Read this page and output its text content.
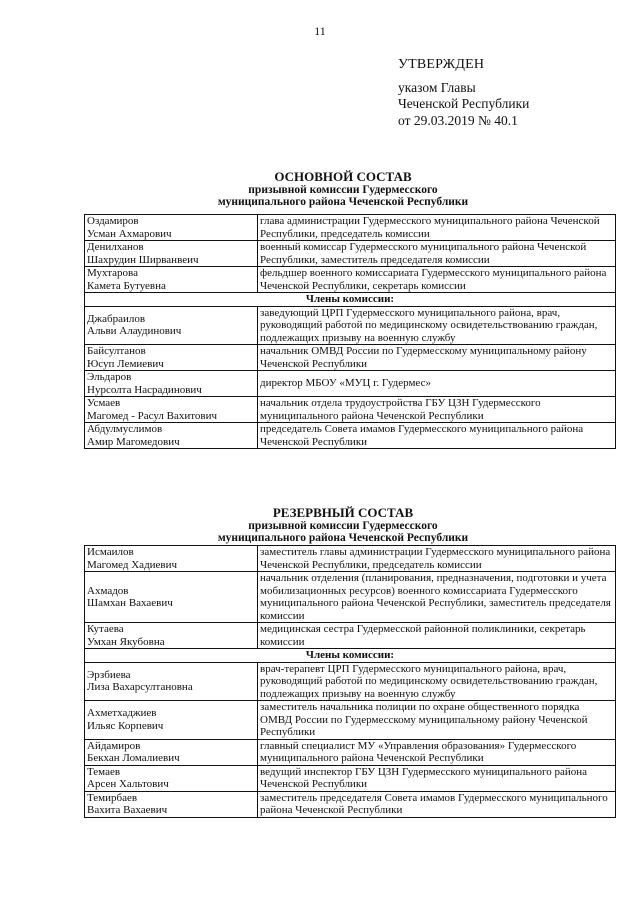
11
УТВЕРЖДЕН
указом Главы
Чеченской Республики
от 29.03.2019 № 40.1
ОСНОВНОЙ СОСТАВ
призывной комиссии Гудермесского
муниципального района Чеченской Республики
Оздамиров
Усман Ахмарович	глава администрации Гудермесского муниципального района Чеченской Республики, председатель комиссии

Денилханов
Шахрудин Ширванвеич	военный комиссар Гудермесского муниципального района Чеченской Республики, заместитель председателя комиссии

Мухтарова
Камета Бутуевна	фельдшер военного комиссариата Гудермесского муниципального района Чеченской Республики, секретарь комиссии
Члены комиссии:	

Джабраилов
Альви Алаудинович	заведующий ЦРП Гудермесского муниципального района, врач, руководящий работой по медицинскому освидетельствованию граждан, подлежащих призыву на военную службу

Байсултанов
Юсуп Лемиевич	начальник ОМВД России по Гудермесскому муниципальному району Чеченской Республики

Эльдаров
Нурсолта Насрадинович	директор МБОУ «МУЦ г. Гудермес»

Усмаев
Магомед - Расул Вахитович	начальник отдела трудоустройства ГБУ ЦЗН Гудермесского муниципального района Чеченской Республики

Абдулмуслимов
Амир Магомедович	председатель Совета имамов Гудермесского муниципального района Чеченской Республики
РЕЗЕРВНЫЙ СОСТАВ
призывной комиссии Гудермесского
муниципального района Чеченской Республики
Исмаилов
Магомед Хадиевич	заместитель главы администрации Гудермесского муниципального района Чеченской Республики, председатель комиссии

Ахмадов
Шамхан Вахаевич	начальник отделения (планирования, предназначения, подготовки и учета мобилизационных ресурсов) военного комиссариата Гудермесского муниципального района Чеченской Республики, заместитель председателя комиссии

Кутаева
Умхан Якубовна	медицинская сестра Гудермесской районной поликлиники, секретарь комиссии
Члены комиссии:	

Эрзбиева
Лиза Вахарсултановна	врач-терапевт ЦРП Гудермесского муниципального района, врач, руководящий работой по медицинскому освидетельствованию граждан, подлежащих призыву на военную службу

Ахметхаджиев
Ильяс Корпевич	заместитель начальника полиции по охране общественного порядка ОМВД России по Гудермесскому муниципальному району Чеченской Республики

Айдамиров
Бекхан Ломалиевич	главный специалист МУ «Управления образования» Гудермесского муниципального района Чеченской Республики

Темаев
Арсен Хальтович	ведущий инспектор ГБУ ЦЗН Гудермесского муниципального района Чеченской Республики

Темирбаев
Вахита Вахаевич	заместитель председателя Совета имамов Гудермесского муниципального района Чеченской Республики
